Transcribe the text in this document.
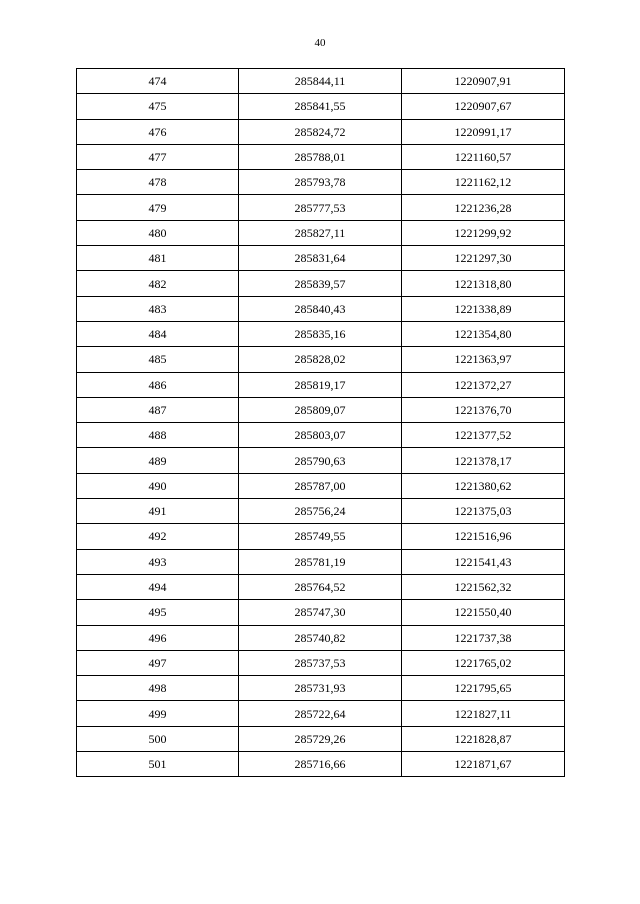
40
474	285844,11	1220907,91
475	285841,55	1220907,67
476	285824,72	1220991,17
477	285788,01	1221160,57
478	285793,78	1221162,12
479	285777,53	1221236,28
480	285827,11	1221299,92
481	285831,64	1221297,30
482	285839,57	1221318,80
483	285840,43	1221338,89
484	285835,16	1221354,80
485	285828,02	1221363,97
486	285819,17	1221372,27
487	285809,07	1221376,70
488	285803,07	1221377,52
489	285790,63	1221378,17
490	285787,00	1221380,62
491	285756,24	1221375,03
492	285749,55	1221516,96
493	285781,19	1221541,43
494	285764,52	1221562,32
495	285747,30	1221550,40
496	285740,82	1221737,38
497	285737,53	1221765,02
498	285731,93	1221795,65
499	285722,64	1221827,11
500	285729,26	1221828,87
501	285716,66	1221871,67
